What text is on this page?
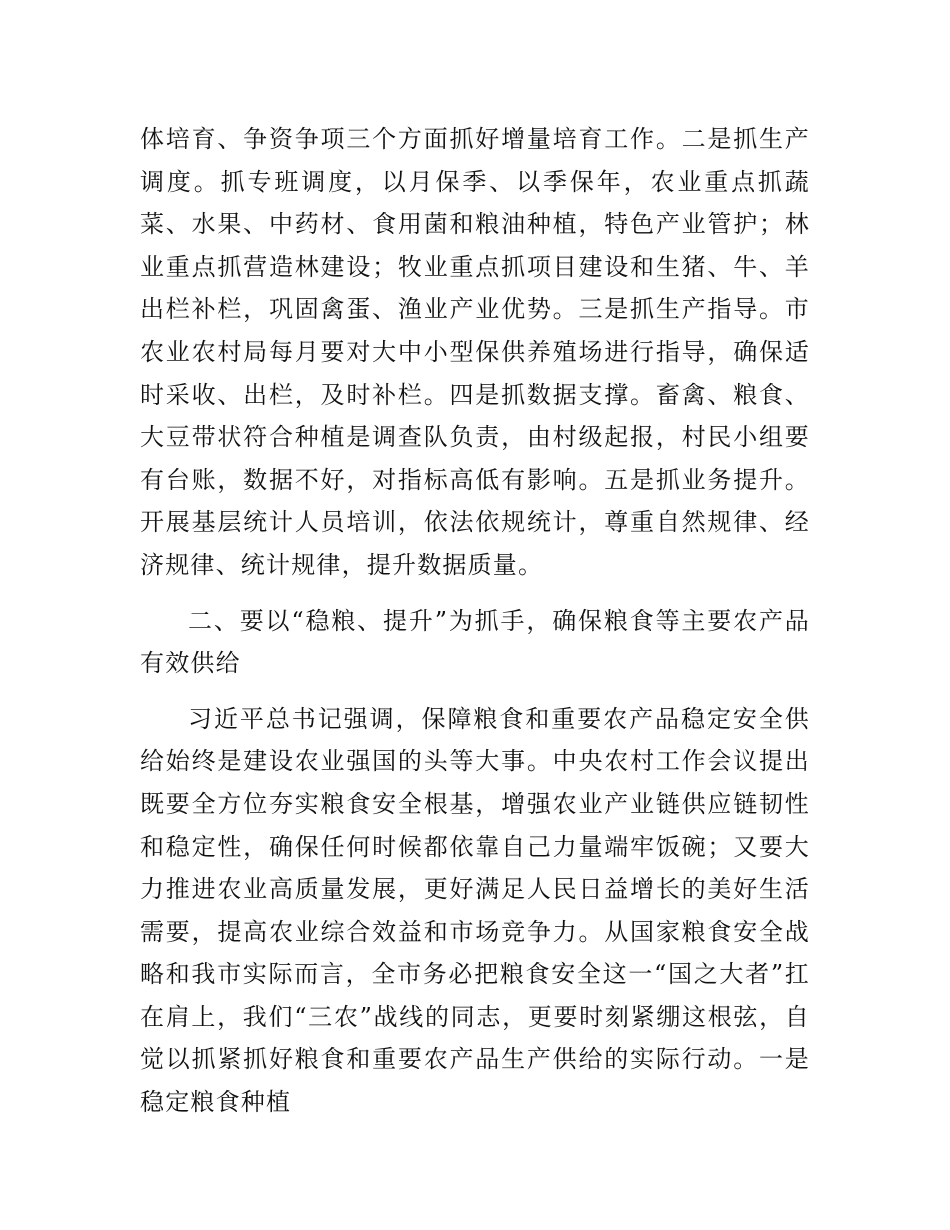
体培育、争资争项三个方面抓好增量培育工作。二是抓生产调度。抓专班调度，以月保季、以季保年，农业重点抓蔬菜、水果、中药材、食用菌和粮油种植，特色产业管护；林业重点抓营造林建设；牧业重点抓项目建设和生猪、牛、羊出栏补栏，巩固禽蛋、渔业产业优势。三是抓生产指导。市农业农村局每月要对大中小型保供养殖场进行指导，确保适时采收、出栏，及时补栏。四是抓数据支撑。畜禽、粮食、大豆带状符合种植是调查队负责，由村级起报，村民小组要有台账，数据不好，对指标高低有影响。五是抓业务提升。开展基层统计人员培训，依法依规统计，尊重自然规律、经济规律、统计规律，提升数据质量。

二、要以“稳粮、提升”为抓手，确保粮食等主要农产品有效供给

习近平总书记强调，保障粮食和重要农产品稳定安全供给始终是建设农业强国的头等大事。中央农村工作会议提出既要全方位夯实粮食安全根基，增强农业产业链供应链韧性和稳定性，确保任何时候都依靠自己力量端牢饭碗；又要大力推进农业高质量发展，更好满足人民日益增长的美好生活需要，提高农业综合效益和市场竞争力。从国家粮食安全战略和我市实际而言，全市务必把粮食安全这一“国之大者”扛在肩上，我们“三农”战线的同志，更要时刻紧绷这根弦，自觉以抓紧抓好粮食和重要农产品生产供给的实际行动。一是稳定粮食种植
